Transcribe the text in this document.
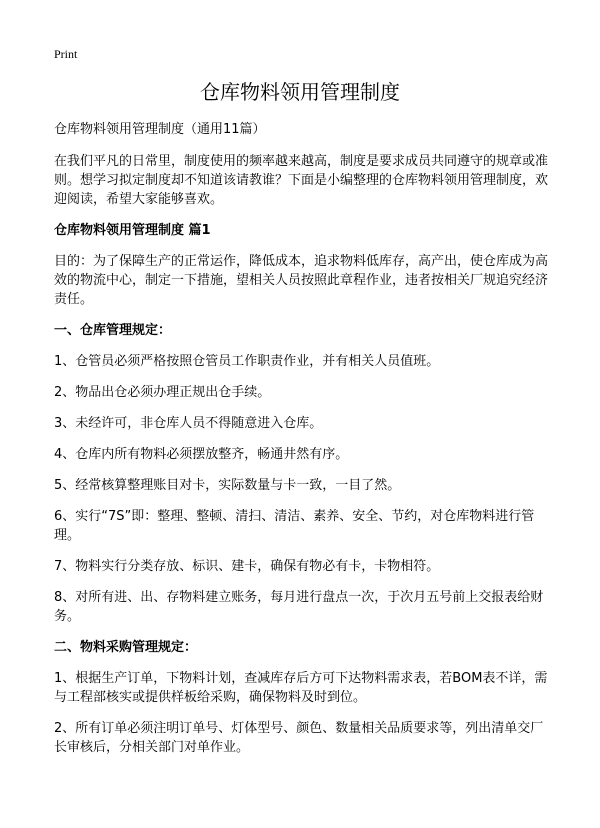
Print
仓库物料领用管理制度

仓库物料领用管理制度（通用11篇）

在我们平凡的日常里，制度使用的频率越来越高，制度是要求成员共同遵守的规章或准则。想学习拟定制度却不知道该请教谁？下面是小编整理的仓库物料领用管理制度，欢迎阅读，希望大家能够喜欢。

仓库物料领用管理制度 篇1

目的：为了保障生产的正常运作，降低成本，追求物料低库存，高产出，使仓库成为高效的物流中心，制定一下措施，望相关人员按照此章程作业，违者按相关厂规追究经济责任。

一、仓库管理规定：

1、仓管员必须严格按照仓管员工作职责作业，并有相关人员值班。

2、物品出仓必须办理正规出仓手续。

3、未经许可，非仓库人员不得随意进入仓库。

4、仓库内所有物料必须摆放整齐，畅通井然有序。

5、经常核算整理账目对卡，实际数量与卡一致，一目了然。

6、实行“7S”即：整理、整顿、清扫、清洁、素养、安全、节约，对仓库物料进行管理。

7、物料实行分类存放、标识、建卡，确保有物必有卡，卡物相符。

8、对所有进、出、存物料建立账务，每月进行盘点一次，于次月五号前上交报表给财务。

二、物料采购管理规定：

1、根据生产订单，下物料计划，查减库存后方可下达物料需求表，若BOM表不详，需与工程部核实或提供样板给采购，确保物料及时到位。

2、所有订单必须注明订单号、灯体型号、颜色、数量相关品质要求等，列出清单交厂长审核后，分相关部门对单作业。
